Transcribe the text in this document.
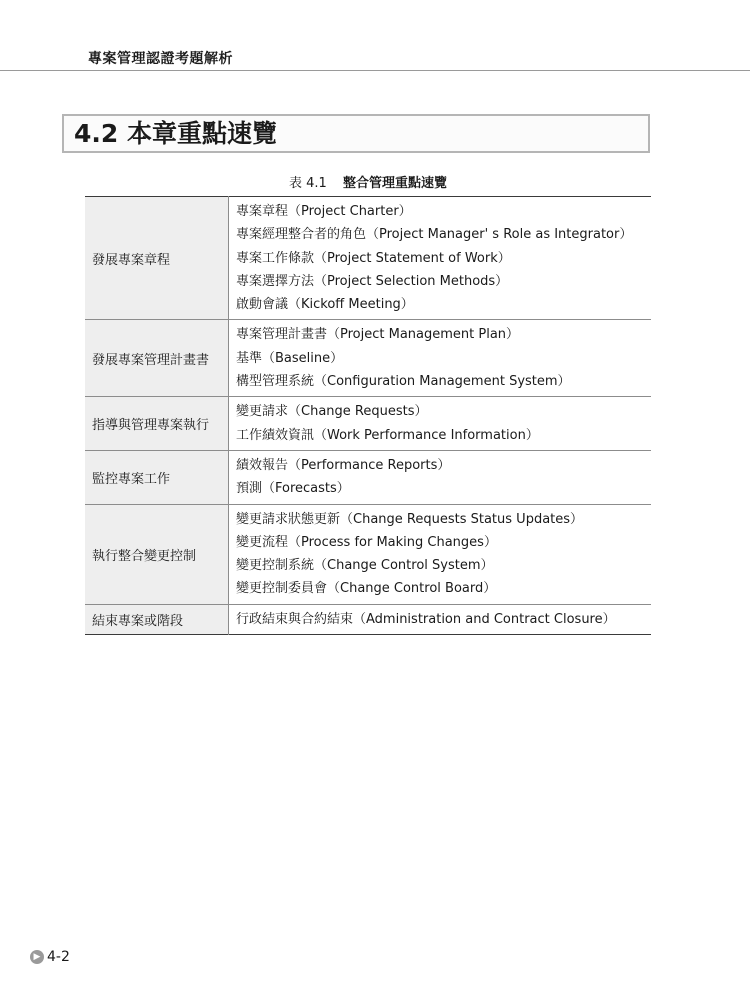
專案管理認證考題解析
4.2 本章重點速覽
表 4.1 整合管理重點速覽
發展專案章程	專案章程（Project Charter）
專案經理整合者的角色（Project Manager' s Role as Integrator）
專案工作條款（Project Statement of Work）
專案選擇方法（Project Selection Methods）
啟動會議（Kickoff Meeting）

發展專案管理計畫書	專案管理計畫書（Project Management Plan）
基準（Baseline）
構型管理系統（Configuration Management System）

指導與管理專案執行	變更請求（Change Requests）
工作績效資訊（Work Performance Information）

監控專案工作	績效報告（Performance Reports）
預測（Forecasts）

執行整合變更控制	變更請求狀態更新（Change Requests Status Updates）
變更流程（Process for Making Changes）
變更控制系統（Change Control System）
變更控制委員會（Change Control Board）

結束專案或階段	行政結束與合約結束（Administration and Contract Closure）
▶ 4-2
